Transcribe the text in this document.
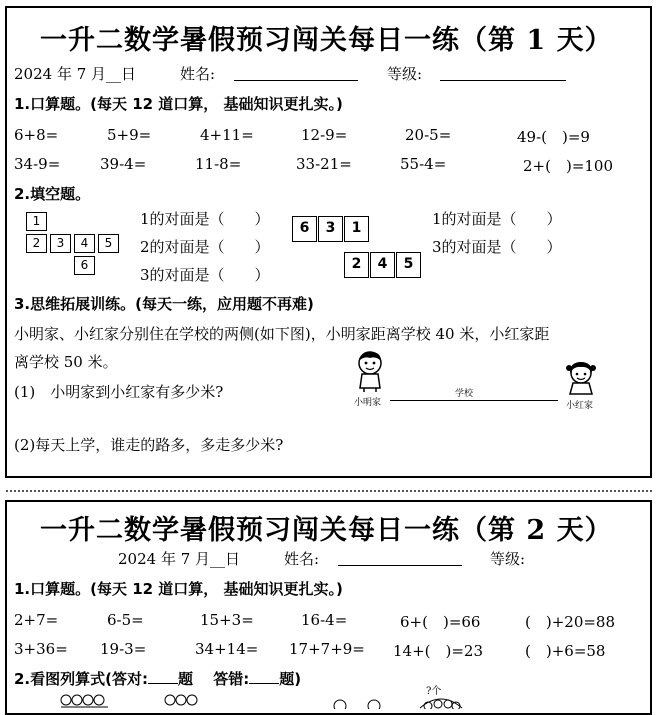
一升二数学暑假预习闯关每日一练（第 1 天）
2024 年 7 月__日	姓名:	等级:
1.口算题。(每天 12 道口算， 基础知识更扎实。)
6+8=	5+9=	4+11=	12-9=	20-5=	49-(　)=9
34-9=	39-4=	11-8=	33-21=	55-4=	2+(　)=100
2.填空题。
1
2	3	4	5
6
1的对面是（　　）
2的对面是（　　）
3的对面是（　　）
6	3	1
2	4	5
1的对面是（　　）
3的对面是（　　）
3.思维拓展训练。(每天一练，应用题不再难)
小明家、小红家分别住在学校的两侧(如下图)，小明家距离学校 40 米，小红家距
离学校 50 米。
(1)　小明家到小红家有多少米?
小明家
学校
小红家
(2)每天上学，谁走的路多，多走多少米?
一升二数学暑假预习闯关每日一练（第 2 天）
2024 年 7 月__日	姓名:	等级:
1.口算题。(每天 12 道口算， 基础知识更扎实。)
2+7=	6-5=	15+3=	16-4=	6+(　)=66	(　)+20=88
3+36= 19-3=	34+14= 17+7+9= 14+(　)=23	(　)+6=58
2.看图列算式(答对: 题　 答错: 题)
?个
